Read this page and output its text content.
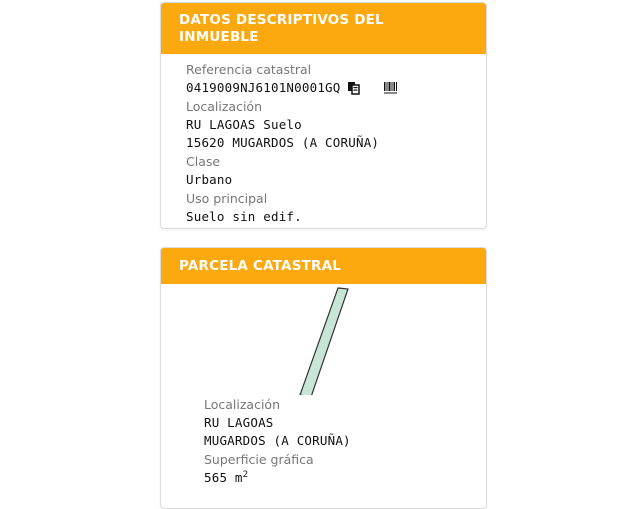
DATOS DESCRIPTIVOS DEL INMUEBLE
Referencia catastral
0419009NJ6101N0001GQ
Localización
RU LAGOAS Suelo
15620 MUGARDOS (A CORUÑA)
Clase
Urbano
Uso principal
Suelo sin edif.
PARCELA CATASTRAL
Localización
RU LAGOAS
MUGARDOS (A CORUÑA)
Superficie gráfica
565 $m^2$
